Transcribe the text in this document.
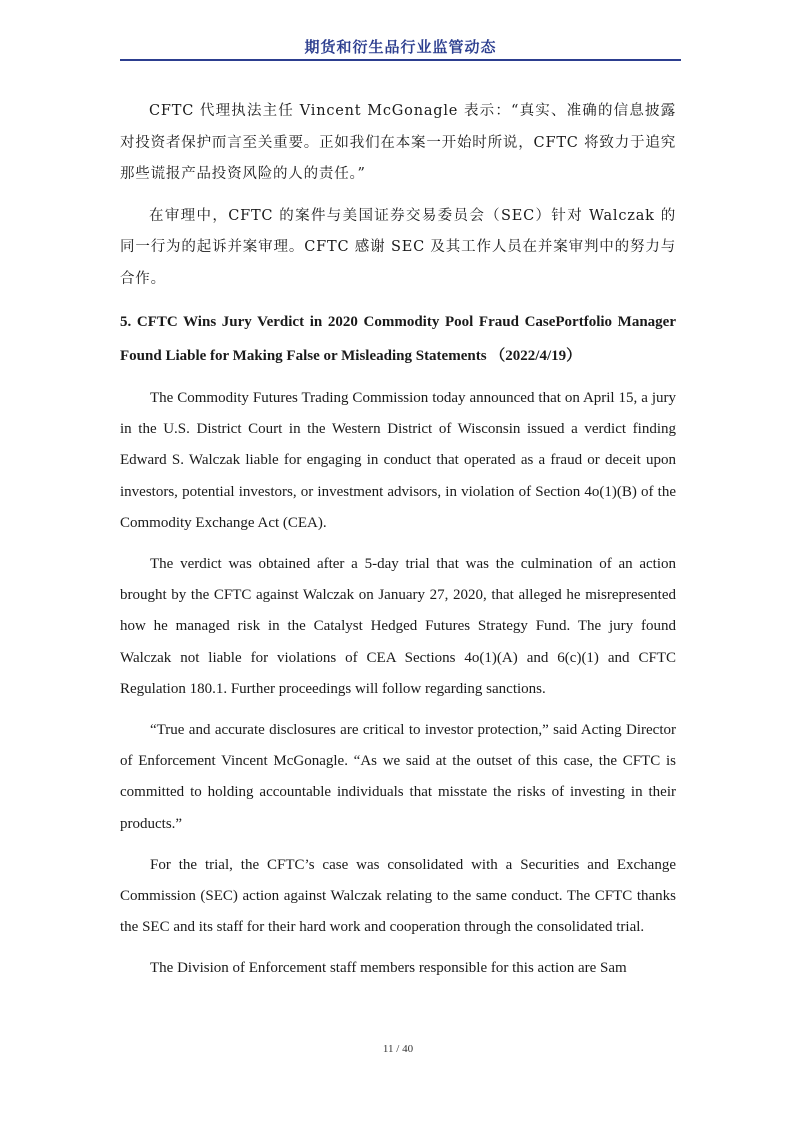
期货和衍生品行业监管动态

CFTC 代理执法主任 Vincent McGonagle 表示：“真实、准确的信息披露对投资者保护而言至关重要。正如我们在本案一开始时所说，CFTC 将致力于追究那些谎报产品投资风险的人的责任。”

在审理中，CFTC 的案件与美国证券交易委员会（SEC）针对 Walczak 的同一行为的起诉并案审理。CFTC 感谢 SEC 及其工作人员在并案审判中的努力与合作。

5. CFTC Wins Jury Verdict in 2020 Commodity Pool Fraud CasePortfolio Manager Found Liable for Making False or Misleading Statements （2022/4/19）

The Commodity Futures Trading Commission today announced that on April 15, a jury in the U.S. District Court in the Western District of Wisconsin issued a verdict finding Edward S. Walczak liable for engaging in conduct that operated as a fraud or deceit upon investors, potential investors, or investment advisors, in violation of Section 4o(1)(B) of the Commodity Exchange Act (CEA).

The verdict was obtained after a 5-day trial that was the culmination of an action brought by the CFTC against Walczak on January 27, 2020, that alleged he misrepresented how he managed risk in the Catalyst Hedged Futures Strategy Fund. The jury found Walczak not liable for violations of CEA Sections 4o(1)(A) and 6(c)(1) and CFTC Regulation 180.1. Further proceedings will follow regarding sanctions.

“True and accurate disclosures are critical to investor protection,” said Acting Director of Enforcement Vincent McGonagle. “As we said at the outset of this case, the CFTC is committed to holding accountable individuals that misstate the risks of investing in their products.”

For the trial, the CFTC’s case was consolidated with a Securities and Exchange Commission (SEC) action against Walczak relating to the same conduct. The CFTC thanks the SEC and its staff for their hard work and cooperation through the consolidated trial.

The Division of Enforcement staff members responsible for this action are Sam

11 / 40
